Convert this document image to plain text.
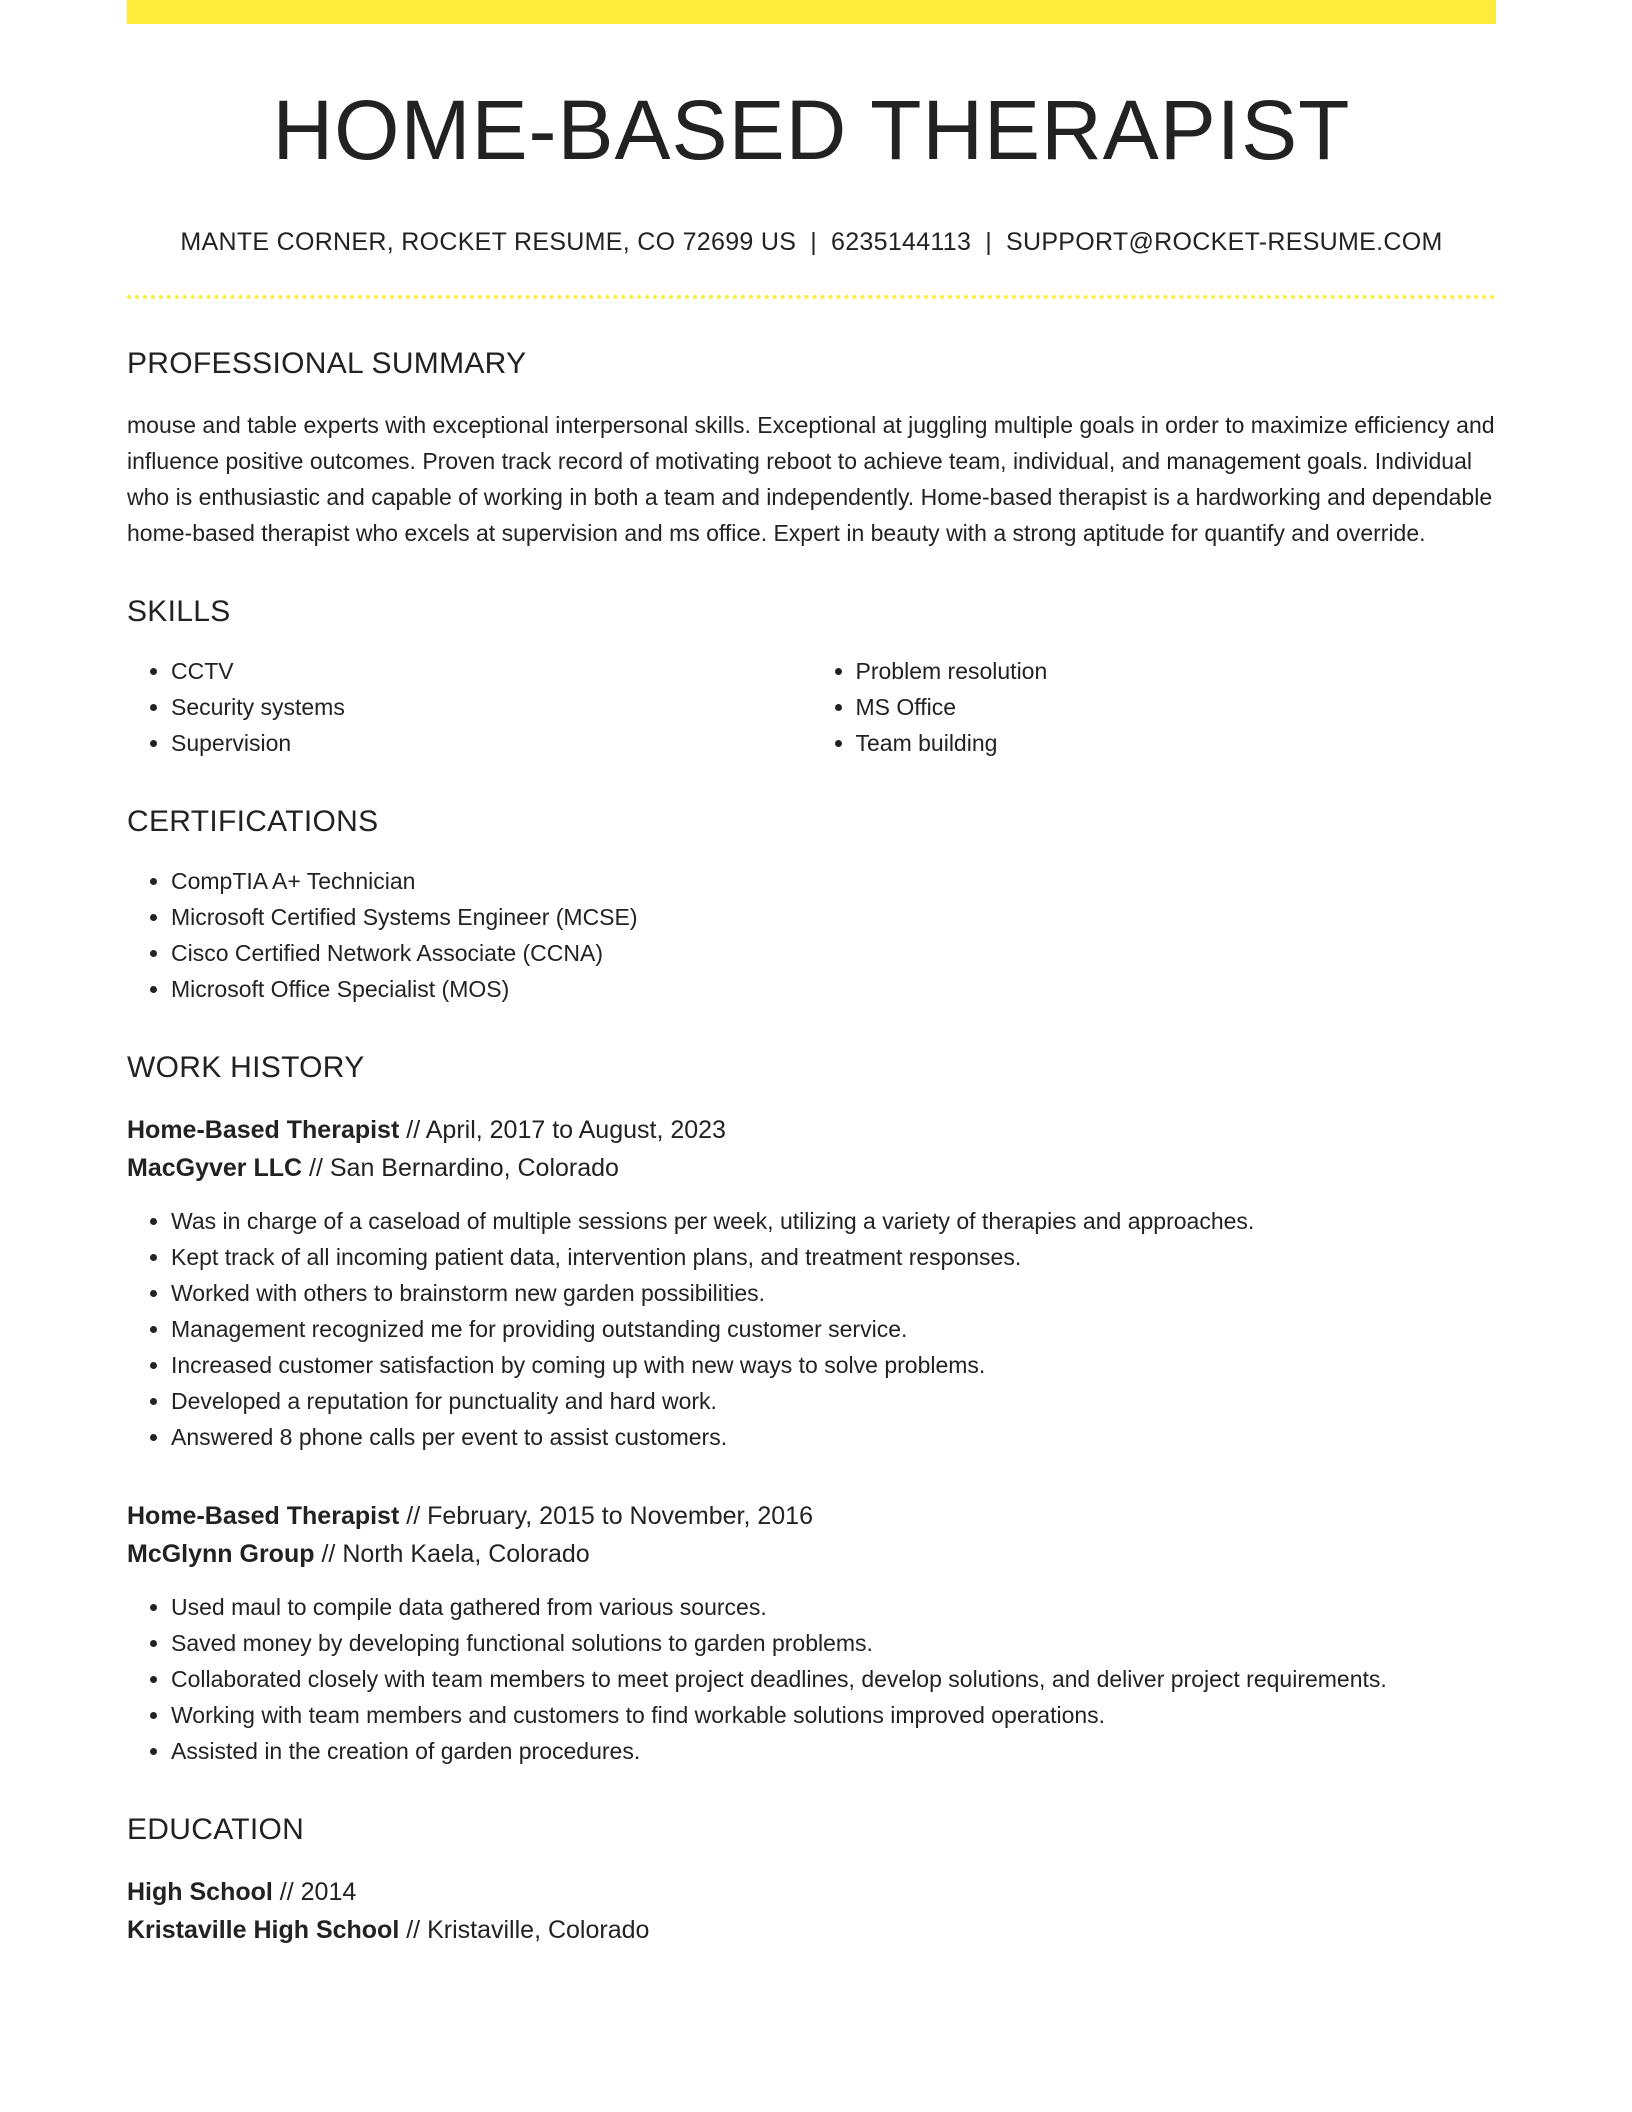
HOME-BASED THERAPIST
MANTE CORNER, ROCKET RESUME, CO 72699 US | 6235144113 | SUPPORT@ROCKET-RESUME.COM
PROFESSIONAL SUMMARY
mouse and table experts with exceptional interpersonal skills. Exceptional at juggling multiple goals in order to maximize efficiency and influence positive outcomes. Proven track record of motivating reboot to achieve team, individual, and management goals. Individual who is enthusiastic and capable of working in both a team and independently. Home-based therapist is a hardworking and dependable home-based therapist who excels at supervision and ms office. Expert in beauty with a strong aptitude for quantify and override.
SKILLS
• CCTV
• Security systems
• Supervision
• Problem resolution
• MS Office
• Team building
CERTIFICATIONS
• CompTIA A+ Technician
• Microsoft Certified Systems Engineer (MCSE)
• Cisco Certified Network Associate (CCNA)
• Microsoft Office Specialist (MOS)
WORK HISTORY
Home-Based Therapist // April, 2017 to August, 2023
MacGyver LLC // San Bernardino, Colorado
• Was in charge of a caseload of multiple sessions per week, utilizing a variety of therapies and approaches.
• Kept track of all incoming patient data, intervention plans, and treatment responses.
• Worked with others to brainstorm new garden possibilities.
• Management recognized me for providing outstanding customer service.
• Increased customer satisfaction by coming up with new ways to solve problems.
• Developed a reputation for punctuality and hard work.
• Answered 8 phone calls per event to assist customers.
Home-Based Therapist // February, 2015 to November, 2016
McGlynn Group // North Kaela, Colorado
• Used maul to compile data gathered from various sources.
• Saved money by developing functional solutions to garden problems.
• Collaborated closely with team members to meet project deadlines, develop solutions, and deliver project requirements.
• Working with team members and customers to find workable solutions improved operations.
• Assisted in the creation of garden procedures.
EDUCATION
High School // 2014
Kristaville High School // Kristaville, Colorado
